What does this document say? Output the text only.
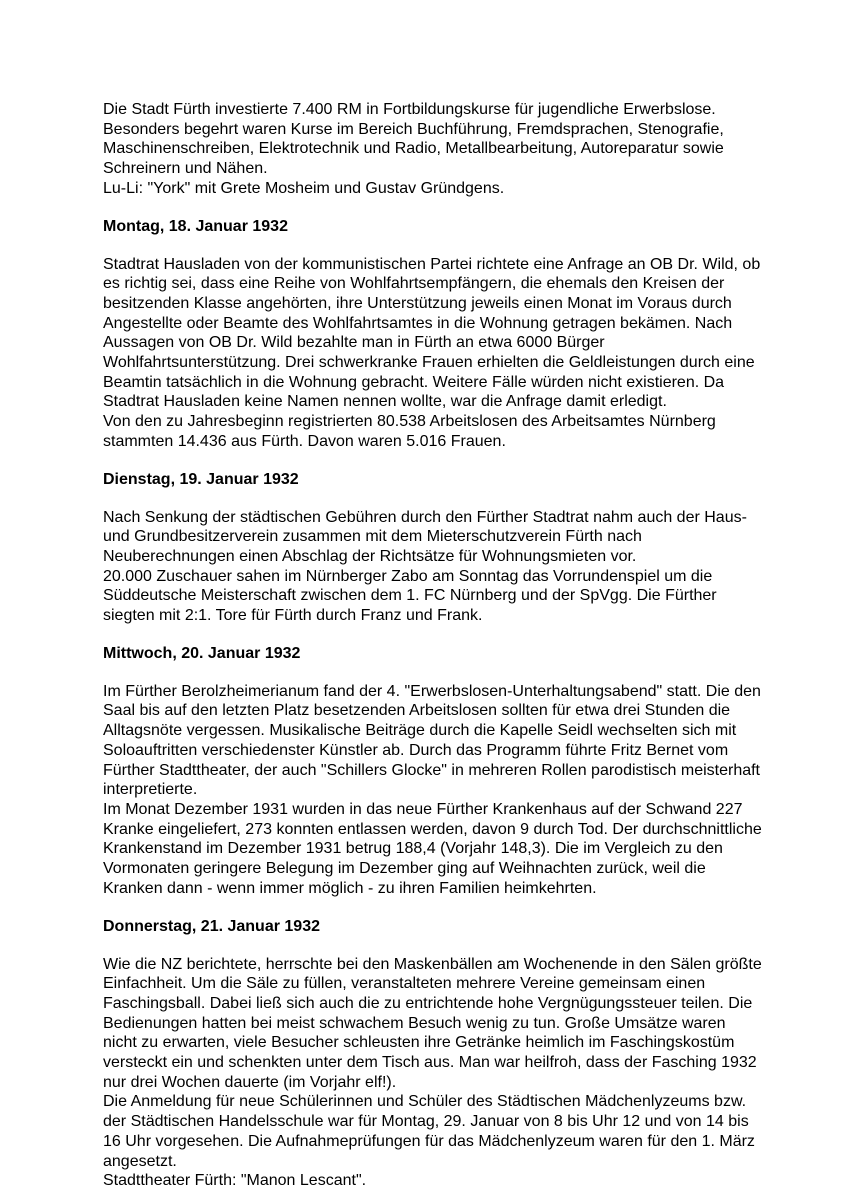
Die Stadt Fürth investierte 7.400 RM in Fortbildungskurse für jugendliche Erwerbslose.
Besonders begehrt waren Kurse im Bereich Buchführung, Fremdsprachen, Stenografie,
Maschinenschreiben, Elektrotechnik und Radio, Metallbearbeitung, Autoreparatur sowie
Schreinern und Nähen.
Lu-Li: "York" mit Grete Mosheim und Gustav Gründgens.
Montag, 18. Januar 1932
Stadtrat Hausladen von der kommunistischen Partei richtete eine Anfrage an OB Dr. Wild, ob
es richtig sei, dass eine Reihe von Wohlfahrtsempfängern, die ehemals den Kreisen der
besitzenden Klasse angehörten, ihre Unterstützung jeweils einen Monat im Voraus durch
Angestellte oder Beamte des Wohlfahrtsamtes in die Wohnung getragen bekämen. Nach
Aussagen von OB Dr. Wild bezahlte man in Fürth an etwa 6000 Bürger
Wohlfahrtsunterstützung. Drei schwerkranke Frauen erhielten die Geldleistungen durch eine
Beamtin tatsächlich in die Wohnung gebracht. Weitere Fälle würden nicht existieren. Da
Stadtrat Hausladen keine Namen nennen wollte, war die Anfrage damit erledigt.
Von den zu Jahresbeginn registrierten 80.538 Arbeitslosen des Arbeitsamtes Nürnberg
stammten 14.436 aus Fürth. Davon waren 5.016 Frauen.
Dienstag, 19. Januar 1932
Nach Senkung der städtischen Gebühren durch den Fürther Stadtrat nahm auch der Haus-
und Grundbesitzerverein zusammen mit dem Mieterschutzverein Fürth nach
Neuberechnungen einen Abschlag der Richtsätze für Wohnungsmieten vor.
20.000 Zuschauer sahen im Nürnberger Zabo am Sonntag das Vorrundenspiel um die
Süddeutsche Meisterschaft zwischen dem 1. FC Nürnberg und der SpVgg. Die Fürther
siegten mit 2:1. Tore für Fürth durch Franz und Frank.
Mittwoch, 20. Januar 1932
Im Fürther Berolzheimerianum fand der 4. "Erwerbslosen-Unterhaltungsabend" statt. Die den
Saal bis auf den letzten Platz besetzenden Arbeitslosen sollten für etwa drei Stunden die
Alltagsnöte vergessen. Musikalische Beiträge durch die Kapelle Seidl wechselten sich mit
Soloauftritten verschiedenster Künstler ab. Durch das Programm führte Fritz Bernet vom
Fürther Stadttheater, der auch "Schillers Glocke" in mehreren Rollen parodistisch meisterhaft
interpretierte.
Im Monat Dezember 1931 wurden in das neue Fürther Krankenhaus auf der Schwand 227
Kranke eingeliefert, 273 konnten entlassen werden, davon 9 durch Tod. Der durchschnittliche
Krankenstand im Dezember 1931 betrug 188,4 (Vorjahr 148,3). Die im Vergleich zu den
Vormonaten geringere Belegung im Dezember ging auf Weihnachten zurück, weil die
Kranken dann - wenn immer möglich - zu ihren Familien heimkehrten.
Donnerstag, 21. Januar 1932
Wie die NZ berichtete, herrschte bei den Maskenbällen am Wochenende in den Sälen größte
Einfachheit. Um die Säle zu füllen, veranstalteten mehrere Vereine gemeinsam einen
Faschingsball. Dabei ließ sich auch die zu entrichtende hohe Vergnügungssteuer teilen. Die
Bedienungen hatten bei meist schwachem Besuch wenig zu tun. Große Umsätze waren
nicht zu erwarten, viele Besucher schleusten ihre Getränke heimlich im Faschingskostüm
versteckt ein und schenkten unter dem Tisch aus. Man war heilfroh, dass der Fasching 1932
nur drei Wochen dauerte (im Vorjahr elf!).
Die Anmeldung für neue Schülerinnen und Schüler des Städtischen Mädchenlyzeums bzw.
der Städtischen Handelsschule war für Montag, 29. Januar von 8 bis Uhr 12 und von 14 bis
16 Uhr vorgesehen. Die Aufnahmeprüfungen für das Mädchenlyzeum waren für den 1. März
angesetzt.
Stadttheater Fürth: "Manon Lescant".
